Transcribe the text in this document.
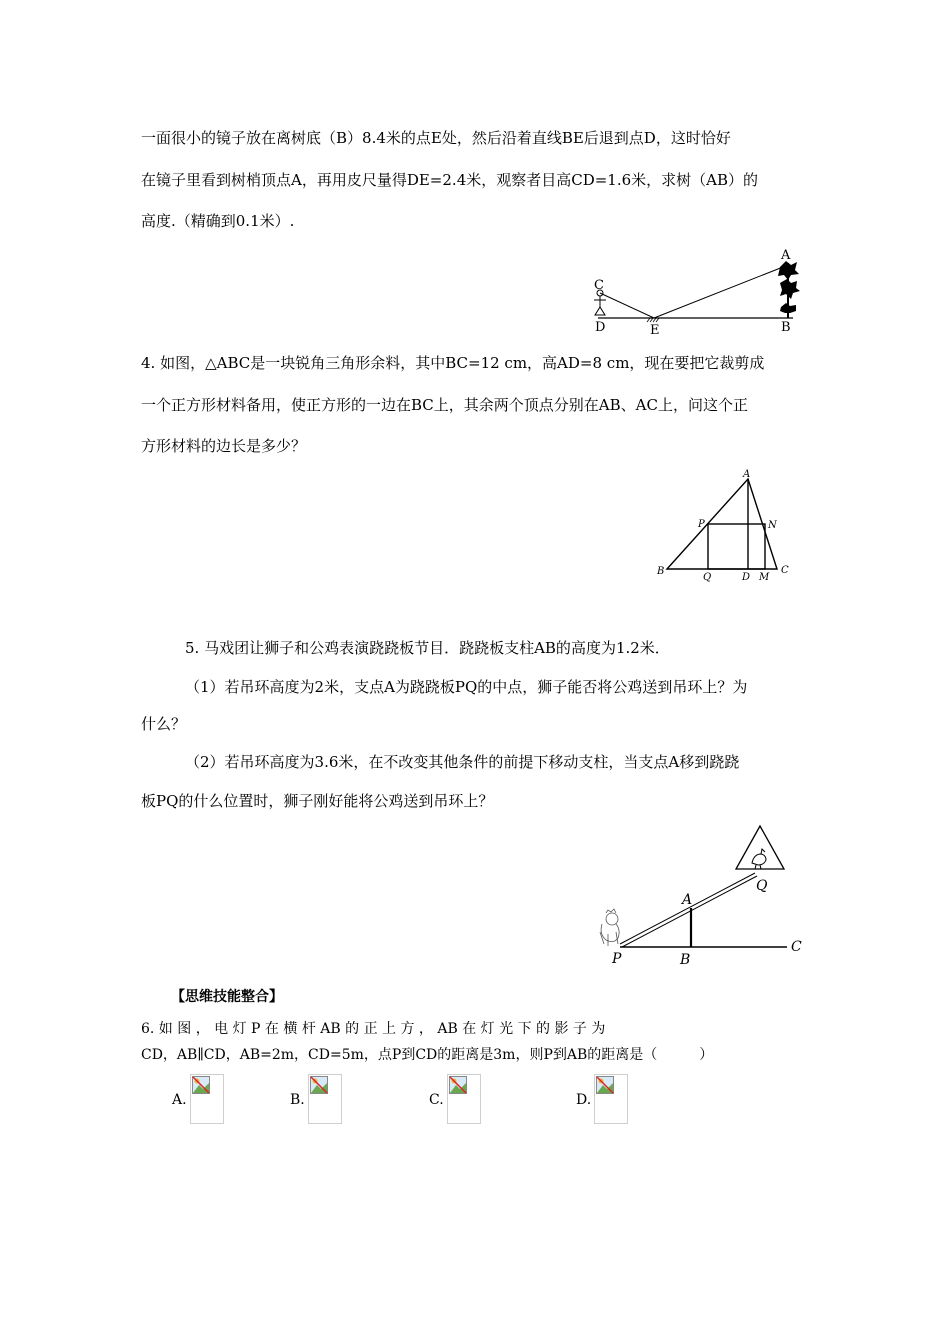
一面很小的镜子放在离树底（B）8.4米的点E处，然后沿着直线BE后退到点D，这时恰好
在镜子里看到树梢顶点A，再用皮尺量得DE=2.4米，观察者目高CD=1.6米，求树（AB）的
高度.（精确到0.1米）.
C
D	E	B
A
4. 如图，△ABC是一块锐角三角形余料，其中BC=12 cm，高AD=8 cm，现在要把它裁剪成
一个正方形材料备用，使正方形的一边在BC上，其余两个顶点分别在AB、AC上，问这个正
方形材料的边长是多少？
A
B	C
D M
N
P
Q
5. 马戏团让狮子和公鸡表演跷跷板节目．跷跷板支柱AB的高度为1.2米．
（1）若吊环高度为2米，支点A为跷跷板PQ的中点，狮子能否将公鸡送到吊环上？为
什么？
（2）若吊环高度为3.6米，在不改变其他条件的前提下移动支柱，当支点A移到跷跷
板PQ的什么位置时，狮子刚好能将公鸡送到吊环上？
A
B
C
P
Q
【思维技能整合】
6. 如 图 ， 电 灯 P 在 横 杆 AB 的 正 上 方 ， AB 在 灯 光 下 的 影 子 为
CD，AB∥CD，AB=2m，CD=5m，点P到CD的距离是3m，则P到AB的距离是（　　　）
A.	B.	C.	D.
